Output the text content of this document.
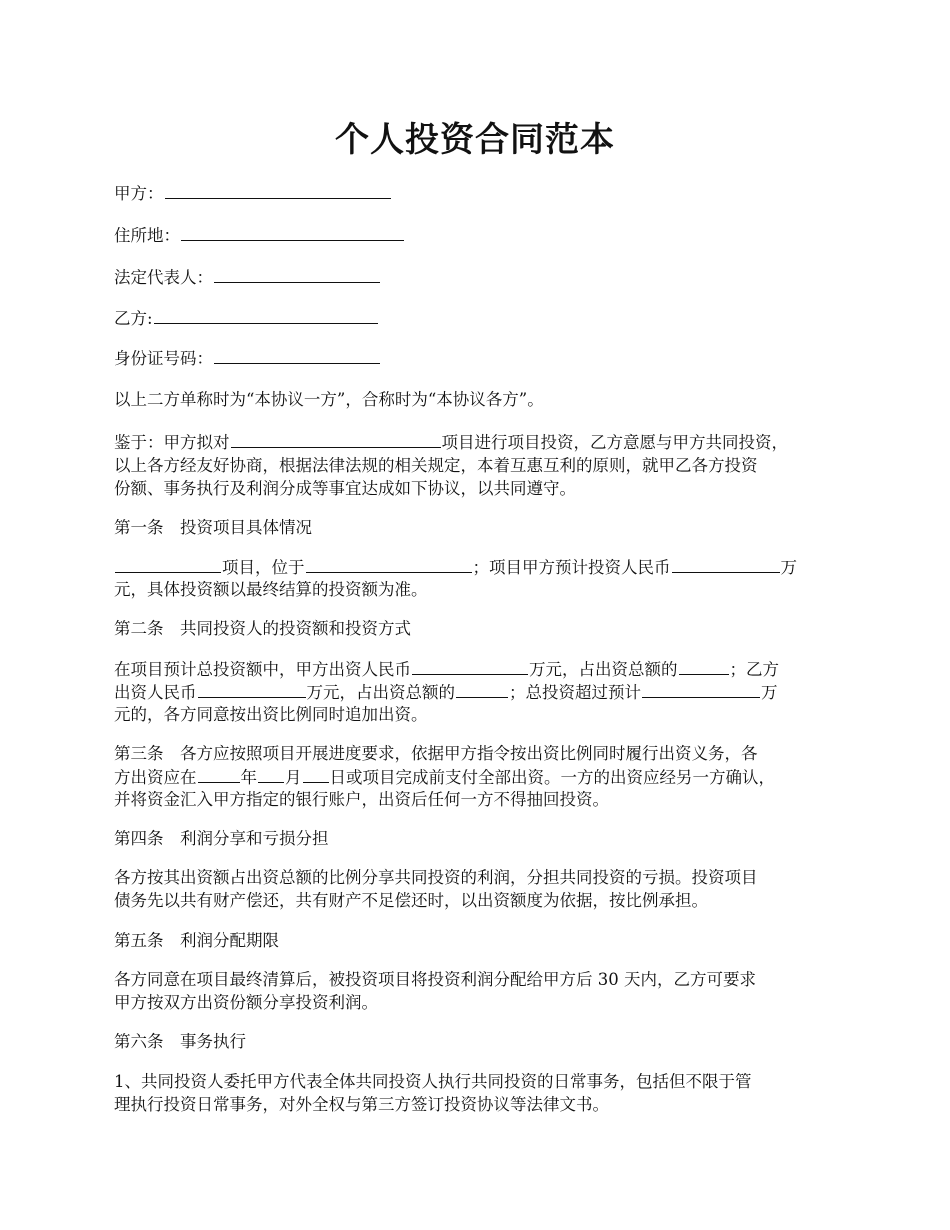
个人投资合同范本
甲方：
住所地：
法定代表人：
乙方:
身份证号码：
以上二方单称时为“本协议一方”，合称时为“本协议各方”。
鉴于：甲方拟对	项目进行项目投资，乙方意愿与甲方共同投资，
以上各方经友好协商，根据法律法规的相关规定，本着互惠互利的原则，就甲乙各方投资
份额、事务执行及利润分成等事宜达成如下协议，以共同遵守。
第一条　投资项目具体情况
项目，位于	；项目甲方预计投资人民币	万
元，具体投资额以最终结算的投资额为准。
第二条　共同投资人的投资额和投资方式
在项目预计总投资额中，甲方出资人民币	万元，占出资总额的	；乙方
出资人民币	万元，占出资总额的	；总投资超过预计	万
元的，各方同意按出资比例同时追加出资。
第三条　各方应按照项目开展进度要求，依据甲方指令按出资比例同时履行出资义务，各
方出资应在	年 月 日或项目完成前支付全部出资。一方的出资应经另一方确认，
并将资金汇入甲方指定的银行账户，出资后任何一方不得抽回投资。
第四条　利润分享和亏损分担
各方按其出资额占出资总额的比例分享共同投资的利润，分担共同投资的亏损。投资项目
债务先以共有财产偿还，共有财产不足偿还时，以出资额度为依据，按比例承担。
第五条　利润分配期限
各方同意在项目最终清算后，被投资项目将投资利润分配给甲方后 30 天内，乙方可要求
甲方按双方出资份额分享投资利润。
第六条　事务执行
1、共同投资人委托甲方代表全体共同投资人执行共同投资的日常事务，包括但不限于管
理执行投资日常事务，对外全权与第三方签订投资协议等法律文书。
